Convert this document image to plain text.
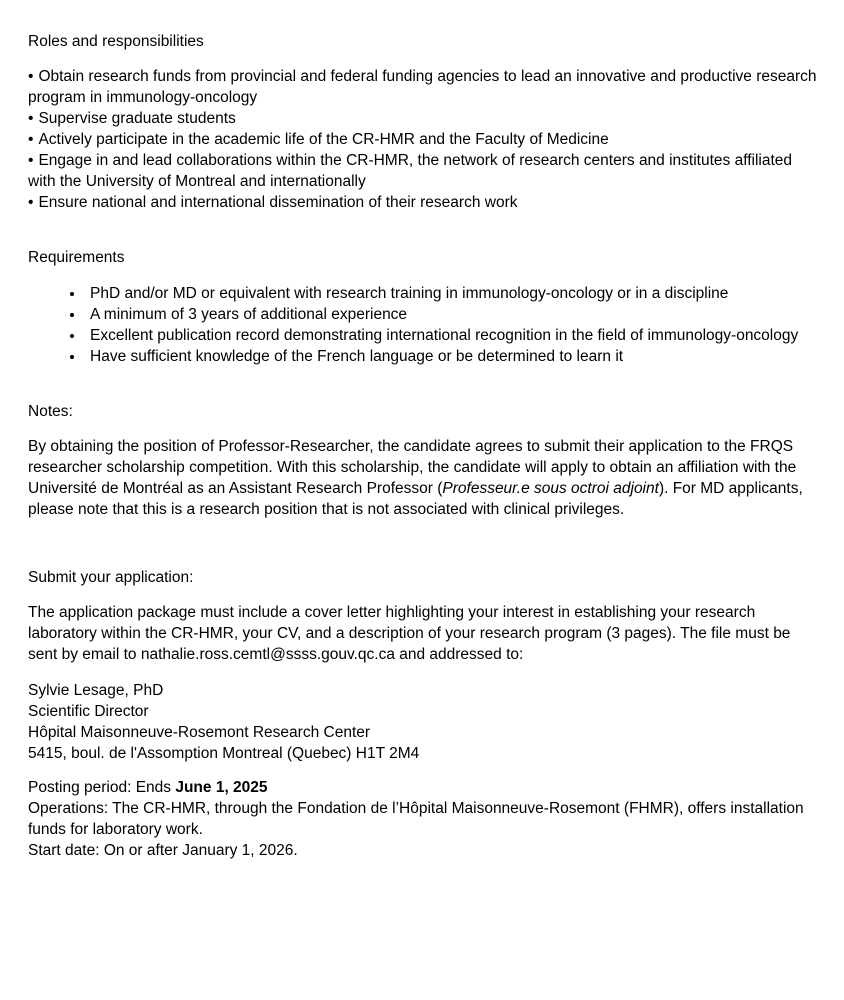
Roles and responsibilities

• Obtain research funds from provincial and federal funding agencies to lead an innovative and productive research program in immunology-oncology

• Supervise graduate students

• Actively participate in the academic life of the CR-HMR and the Faculty of Medicine

• Engage in and lead collaborations within the CR-HMR, the network of research centers and institutes affiliated with the University of Montreal and internationally

• Ensure national and international dissemination of their research work

Requirements

• PhD and/or MD or equivalent with research training in immunology-oncology or in a discipline
• A minimum of 3 years of additional experience
• Excellent publication record demonstrating international recognition in the field of immunology-oncology
• Have sufficient knowledge of the French language or be determined to learn it

Notes:

By obtaining the position of Professor-Researcher, the candidate agrees to submit their application to the FRQS researcher scholarship competition. With this scholarship, the candidate will apply to obtain an affiliation with the Université de Montréal as an Assistant Research Professor (Professeur.e sous octroi adjoint). For MD applicants, please note that this is a research position that is not associated with clinical privileges.

Submit your application:

The application package must include a cover letter highlighting your interest in establishing your research laboratory within the CR-HMR, your CV, and a description of your research program (3 pages). The file must be sent by email to nathalie.ross.cemtl@ssss.gouv.qc.ca and addressed to:

Sylvie Lesage, PhD

Scientific Director

Hôpital Maisonneuve-Rosemont Research Center

5415, boul. de l'Assomption Montreal (Quebec) H1T 2M4

Posting period: Ends June 1, 2025

Operations: The CR-HMR, through the Fondation de l’Hôpital Maisonneuve-Rosemont (FHMR), offers installation funds for laboratory work.

Start date: On or after January 1, 2026.
